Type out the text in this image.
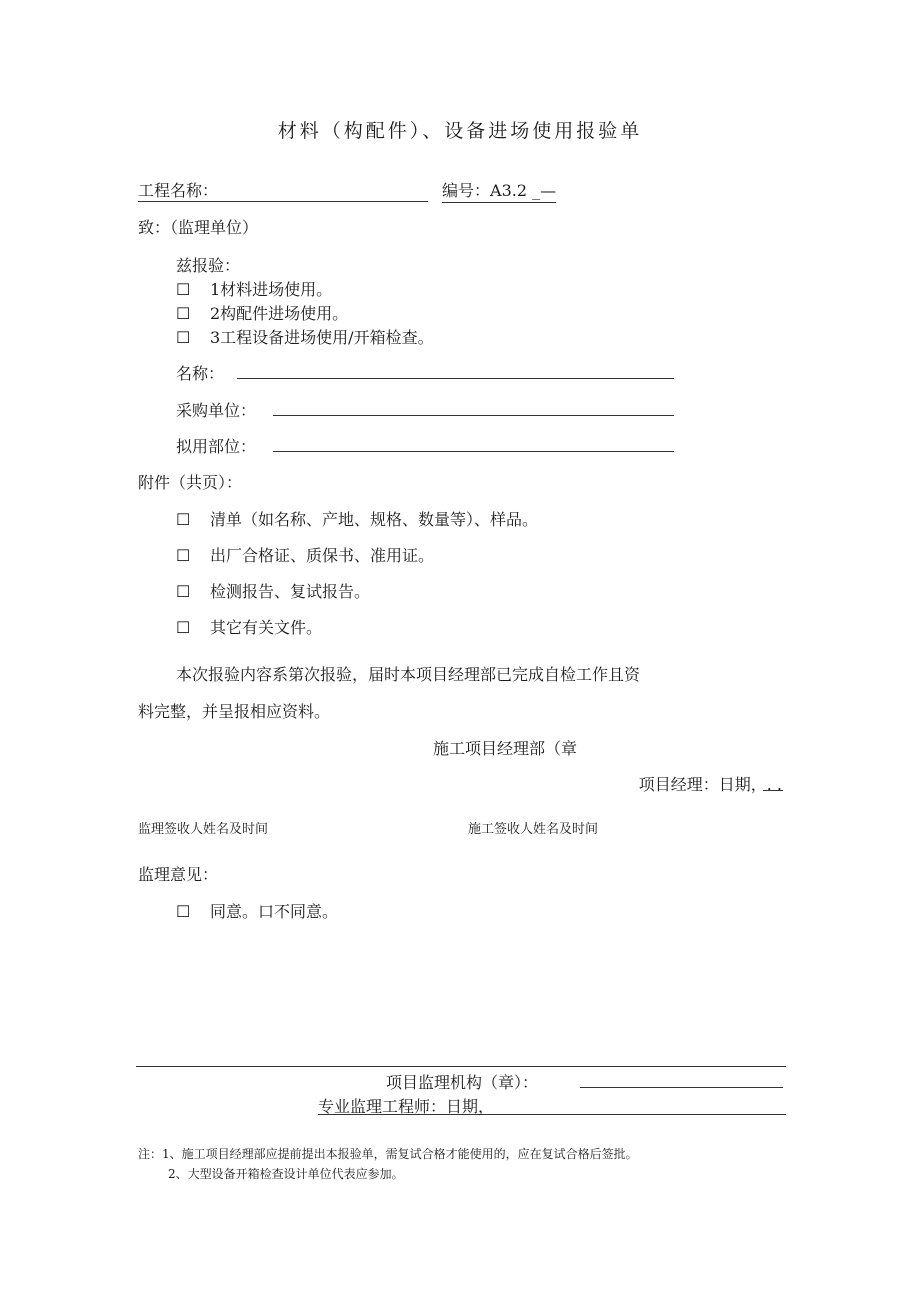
材料（构配件）、设备进场使用报验单
工程名称：	编号：A3.2 _—
致：（监理单位）
兹报验：
☐ 1材料进场使用。
☐ 2构配件进场使用。
☐ 3工程设备进场使用/开箱检查。
名称：
采购单位：
拟用部位：
附件（共页）：
☐ 清单（如名称、产地、规格、数量等）、样品。
☐ 出厂合格证、质保书、准用证。
☐ 检测报告、复试报告。
☐ 其它有关文件。
本次报验内容系第次报验，届时本项目经理部已完成自检工作且资
料完整，并呈报相应资料。
施工项目经理部（章
项目经理：日期，. .
监理签收人姓名及时间	施工签收人姓名及时间
监理意见：
☐ 同意。口不同意。
项目监理机构（章）：
专业监理工程师：日期，
注：1、施工项目经理部应提前提出本报验单，需复试合格才能使用的，应在复试合格后签批。
2、大型设备开箱检查设计单位代表应参加。
